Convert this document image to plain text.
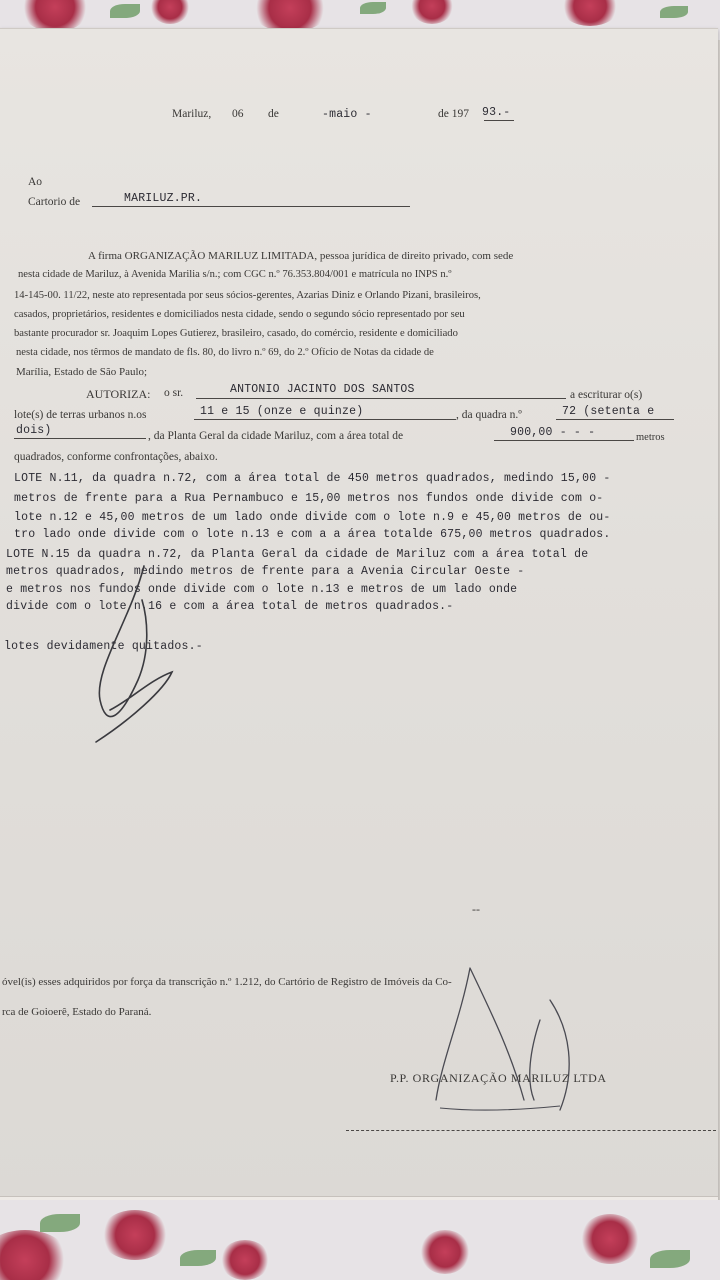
Mariluz, 06 de	-maio -	de 197 93.-
Ao
Cartorio de	MARILUZ.PR.
A firma ORGANIZAÇÃO MARILUZ LIMITADA, pessoa jurídica de direito privado, com sede
nesta cidade de Mariluz, à Avenida Marilia s/n.; com CGC n.º 76.353.804/001 e matrícula no INPS n.º
14-145-00. 11/22, neste ato representada por seus sócios-gerentes, Azarias Diniz e Orlando Pizani, brasileiros,
casados, proprietários, residentes e domiciliados nesta cidade, sendo o segundo sócio representado por seu
bastante procurador sr. Joaquim Lopes Gutierez, brasileiro, casado, do comércio, residente e domiciliado
nesta cidade, nos têrmos de mandato de fls. 80, do livro n.º 69, do 2.º Ofício de Notas da cidade de
Marília, Estado de São Paulo;
AUTORIZA: o sr.	ANTONIO JACINTO DOS SANTOS	a escriturar o(s)
lote(s) de terras urbanos n.os	11 e 15 (onze e quinze)	, da quadra n.º	72 (setenta e
dois)	, da Planta Geral da cidade Mariluz, com a área total de	900,00 - - -	metros
quadrados, conforme confrontações, abaixo.
LOTE N.11, da quadra n.72, com a área total de 450 metros quadrados, medindo 15,00 -
metros de frente para a Rua Pernambuco e 15,00 metros nos fundos onde divide com o-
lote n.12 e 45,00 metros de um lado onde divide com o lote n.9 e 45,00 metros de ou-
tro lado onde divide com o lote n.13 e com a a área totalde 675,00 metros quadrados.
LOTE N.15 da quadra n.72, da Planta Geral da cidade de Mariluz com a área total de
metros quadrados, medindo metros de frente para a Avenia Circular Oeste -
e metros nos fundos onde divide com o lote n.13 e metros de um lado onde
divide com o lote n.16 e com a área total de metros quadrados.-
lotes devidamente quitados.-
--
óvel(is) esses adquiridos por força da transcrição n.º 1.212, do Cartório de Registro de Imóveis da Co-
rca de Goioerê, Estado do Paraná.
P.P. ORGANIZAÇÃO MARILUZ LTDA
